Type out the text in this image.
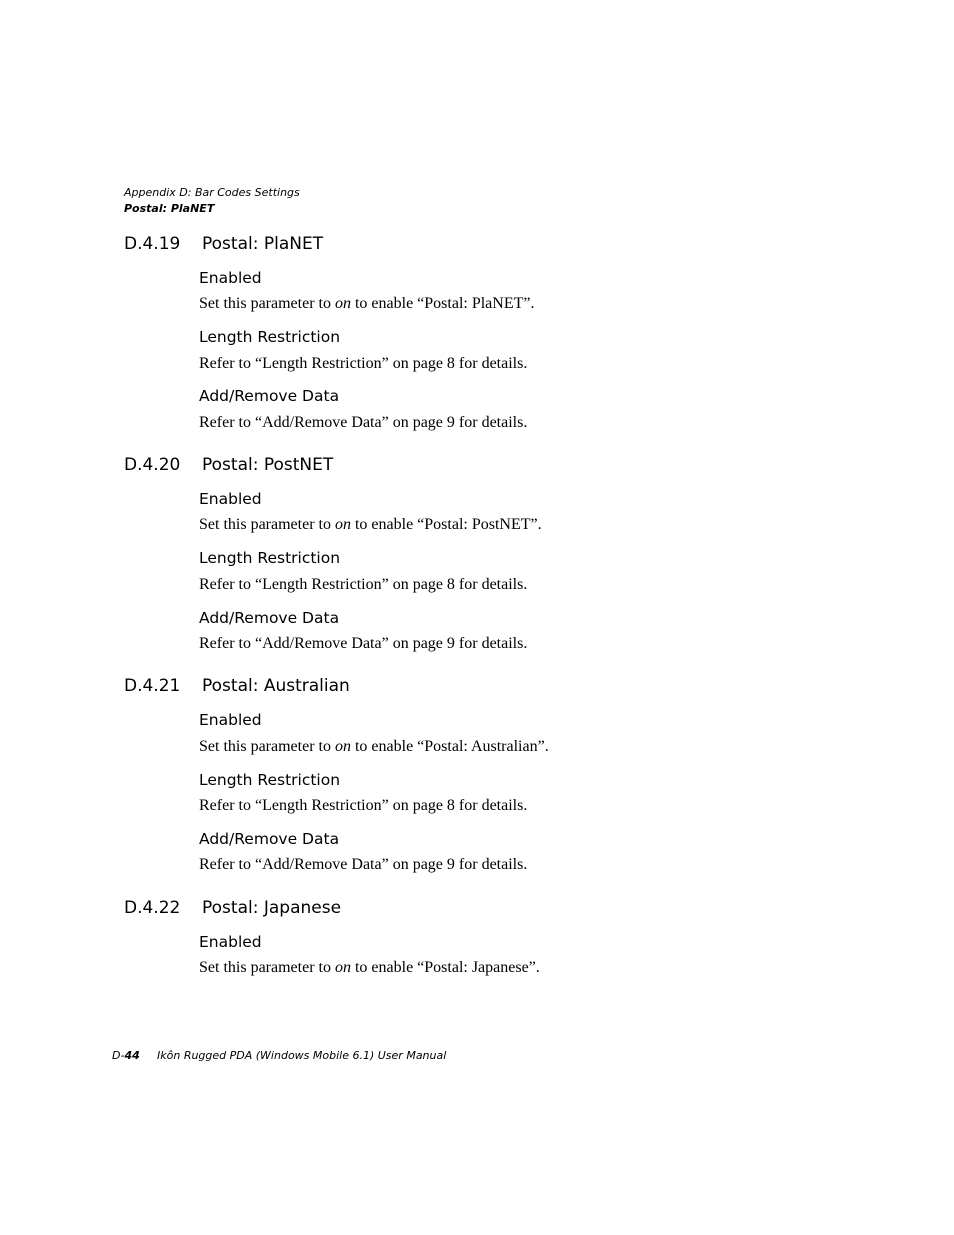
Appendix D: Bar Codes Settings
Postal: PlaNET
D.4.19 Postal: PlaNET
Enabled

Set this parameter to on to enable “Postal: PlaNET”.

Length Restriction

Refer to “Length Restriction” on page 8 for details.

Add/Remove Data

Refer to “Add/Remove Data” on page 9 for details.

D.4.20 Postal: PostNET
Enabled

Set this parameter to on to enable “Postal: PostNET”.

Length Restriction

Refer to “Length Restriction” on page 8 for details.

Add/Remove Data

Refer to “Add/Remove Data” on page 9 for details.

D.4.21 Postal: Australian
Enabled

Set this parameter to on to enable “Postal: Australian”.

Length Restriction

Refer to “Length Restriction” on page 8 for details.

Add/Remove Data

Refer to “Add/Remove Data” on page 9 for details.

D.4.22 Postal: Japanese
Enabled

Set this parameter to on to enable “Postal: Japanese”.

D-44 Ikôn Rugged PDA (Windows Mobile 6.1) User Manual
